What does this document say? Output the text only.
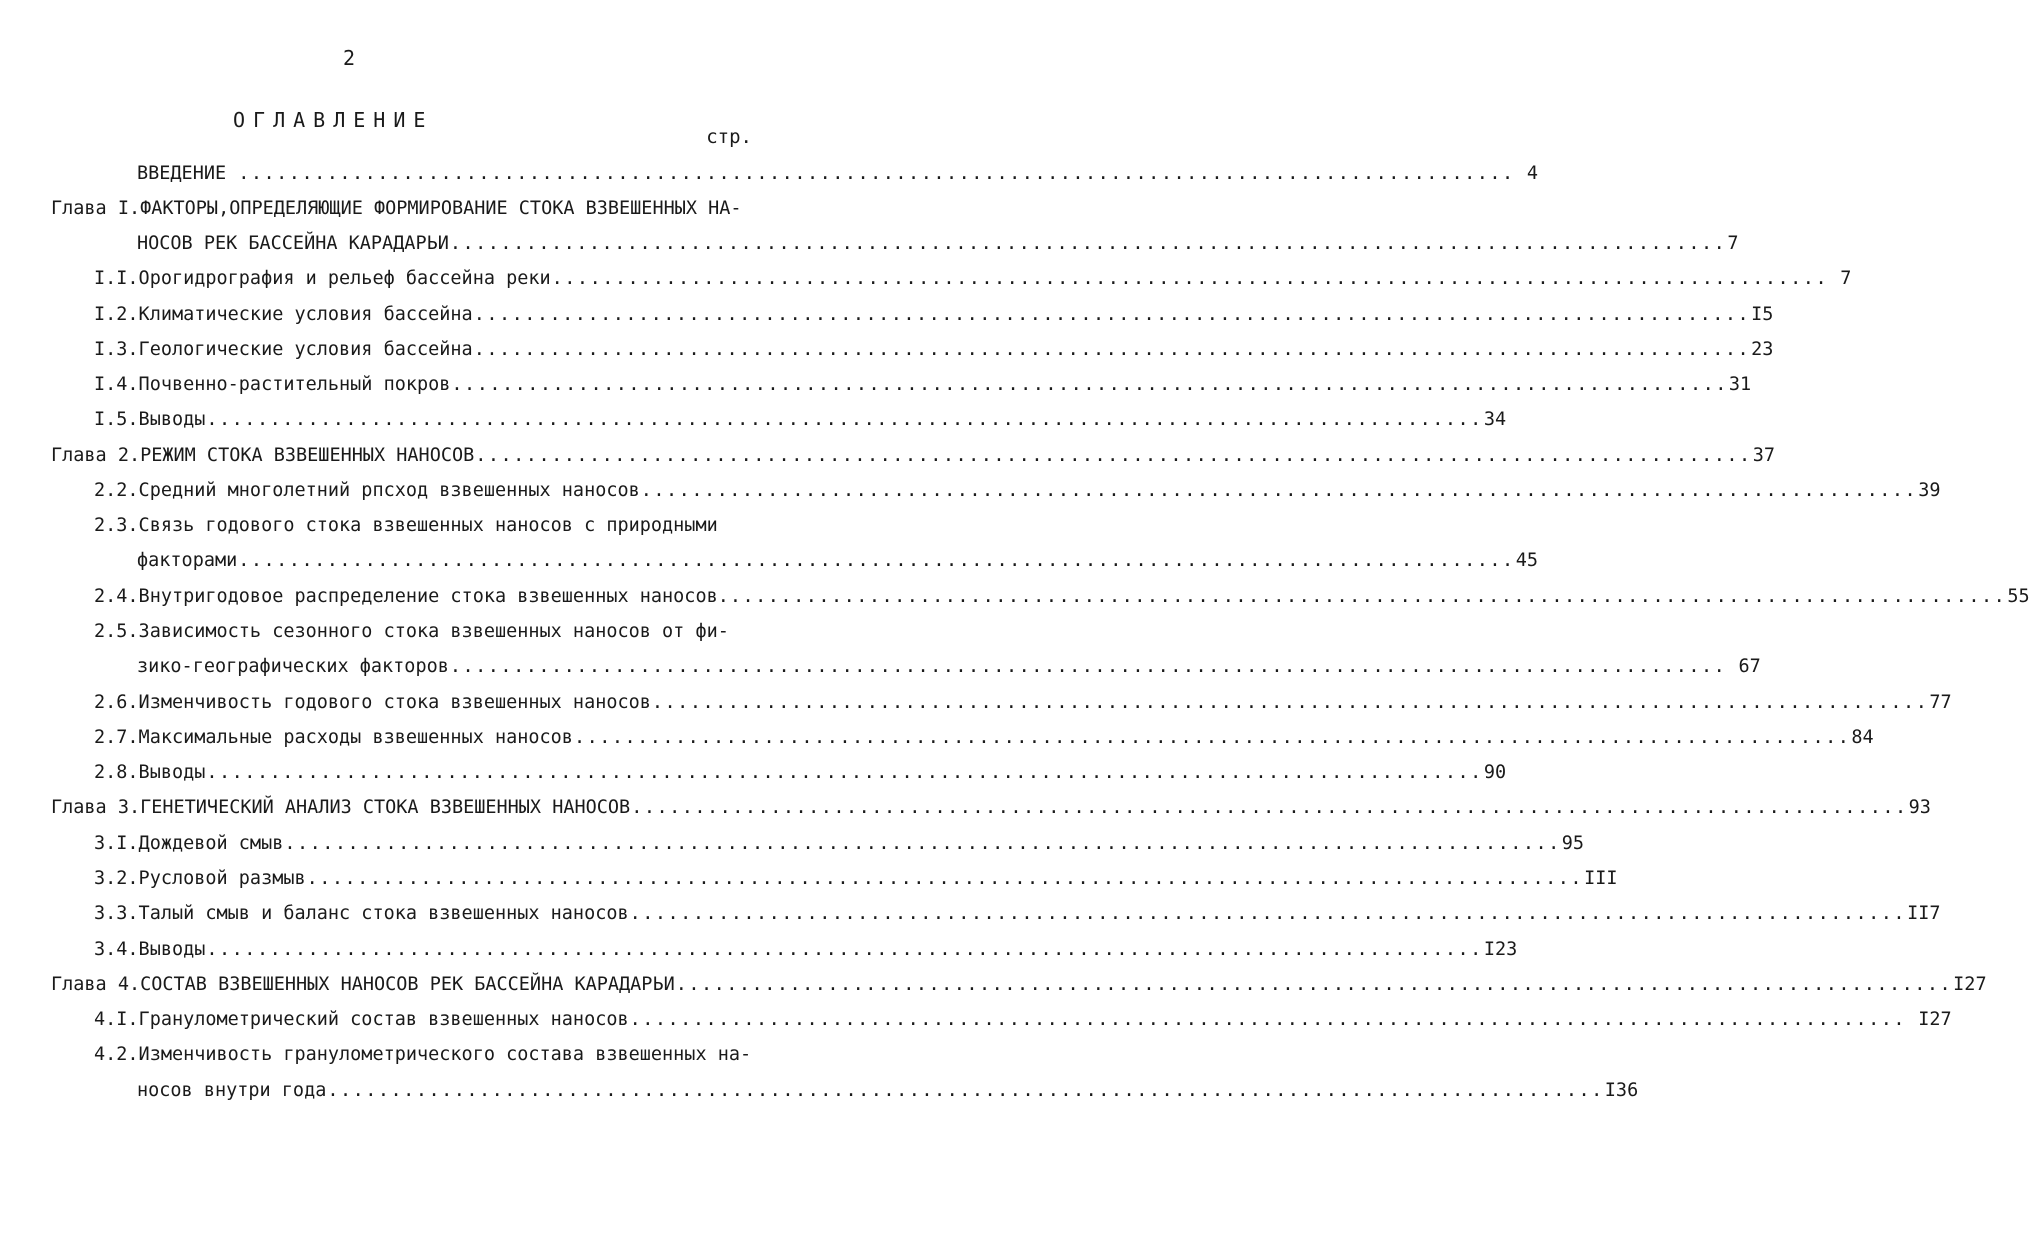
2
ОГЛАВЛЕНИЕ
стр.
ВВЕДЕНИЕ ..................................................................................................... 4
Глава I.ФАКТОРЫ,ОПРЕДЕЛЯЮЩИЕ ФОРМИРОВАНИЕ СТОКА ВЗВЕШЕННЫХ НА-
НОСОВ РЕК БАССЕЙНА КАРАДАРЬИ ..................................................................................................... 7
I.I.Орогидрография и рельеф бассейна реки ..................................................................................................... 7
I.2.Климатические условия бассейна ..................................................................................................... I5
I.3.Геологические условия бассейна ..................................................................................................... 23
I.4.Почвенно-растительный покров ..................................................................................................... 31
I.5.Выводы ..................................................................................................... 34
Глава 2.РЕЖИМ СТОКА ВЗВЕШЕННЫХ НАНОСОВ ..................................................................................................... 37
2.2.Средний многолетний рпсход взвешенных наносов ..................................................................................................... 39
2.3.Связь годового стока взвешенных наносов с природными
факторами ..................................................................................................... 45
2.4.Внутригодовое распределение стока взвешенных наносов. ..................................................................................................... 55
2.5.Зависимость сезонного стока взвешенных наносов от фи-
зико-географических факторов ..................................................................................................... 67
2.6.Изменчивость годового стока взвешенных наносов ..................................................................................................... 77
2.7.Максимальные расходы взвешенных наносов ..................................................................................................... 84
2.8.Выводы ..................................................................................................... 90
Глава 3.ГЕНЕТИЧЕСКИЙ АНАЛИЗ СТОКА ВЗВЕШЕННЫХ НАНОСОВ ..................................................................................................... 93
3.I.Дождевой смыв ..................................................................................................... 95
3.2.Русловой размыв ..................................................................................................... III
3.3.Талый смыв и баланс стока взвешенных наносов ..................................................................................................... II7
3.4.Выводы ..................................................................................................... I23
Глава 4.СОСТАВ ВЗВЕШЕННЫХ НАНОСОВ РЕК БАССЕЙНА КАРАДАРЬИ ..................................................................................................... I27
4.I.Гранулометрический состав взвешенных наносов ..................................................................................................... I27
4.2.Изменчивость гранулометрического состава взвешенных на-
носов внутри года ..................................................................................................... I36
